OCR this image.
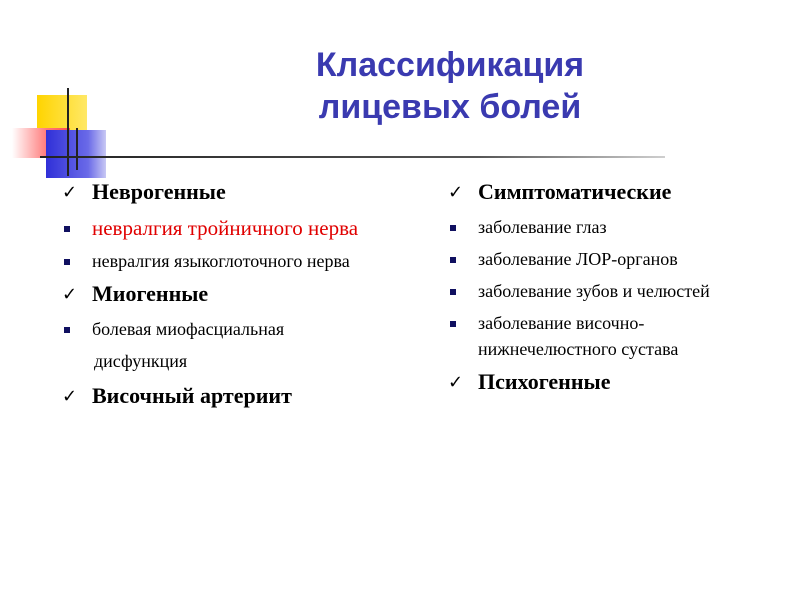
Классификация
лицевых болей
✓ Неврогенные
невралгия тройничного нерва
невралгия языкоглоточного нерва
✓ Миогенные
болевая миофасциальная
дисфункция
✓ Височный артериит
✓ Симптоматические
заболевание глаз
заболевание ЛОР-органов
заболевание зубов и челюстей
заболевание височно-нижнечелюстного сустава
✓ Психогенные
